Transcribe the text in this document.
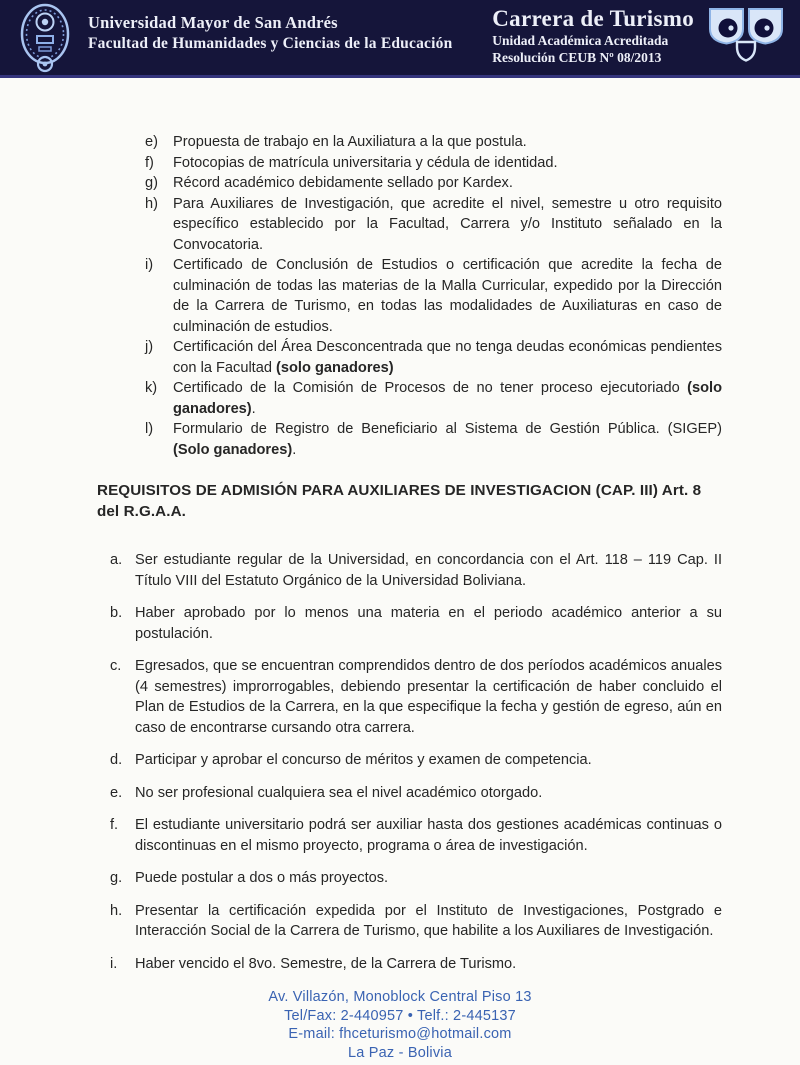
Universidad Mayor de San Andrés
Facultad de Humanidades y Ciencias de la Educación
Carrera de Turismo
Unidad Académica Acreditada
Resolución CEUB Nº 08/2013
e)	Propuesta de trabajo en la Auxiliatura a la que postula.
f)	Fotocopias de matrícula universitaria y cédula de identidad.
g)	Récord académico debidamente sellado por Kardex.
h)	Para Auxiliares de Investigación, que acredite el nivel, semestre u otro requisito específico establecido por la Facultad, Carrera y/o Instituto señalado en la Convocatoria.
i)	Certificado de Conclusión de Estudios o certificación que acredite la fecha de culminación de todas las materias de la Malla Curricular, expedido por la Dirección de la Carrera de Turismo, en todas las modalidades de Auxiliaturas en caso de culminación de estudios.
j)	Certificación del Área Desconcentrada que no tenga deudas económicas pendientes con la Facultad (solo ganadores)
k)	Certificado de la Comisión de Procesos de no tener proceso ejecutoriado (solo ganadores).
l)	Formulario de Registro de Beneficiario al Sistema de Gestión Pública. (SIGEP) (Solo ganadores).
REQUISITOS DE ADMISIÓN PARA AUXILIARES DE INVESTIGACION (CAP. III) Art. 8 del R.G.A.A.
a. Ser estudiante regular de la Universidad, en concordancia con el Art. 118 – 119 Cap. II Título VIII del Estatuto Orgánico de la Universidad Boliviana.
b. Haber aprobado por lo menos una materia en el periodo académico anterior a su postulación.
c. Egresados, que se encuentran comprendidos dentro de dos períodos académicos anuales (4 semestres) improrrogables, debiendo presentar la certificación de haber concluido el Plan de Estudios de la Carrera, en la que especifique la fecha y gestión de egreso, aún en caso de encontrarse cursando otra carrera.
d. Participar y aprobar el concurso de méritos y examen de competencia.
e. No ser profesional cualquiera sea el nivel académico otorgado.
f.	El estudiante universitario podrá ser auxiliar hasta dos gestiones académicas continuas o discontinuas en el mismo proyecto, programa o área de investigación.
g. Puede postular a dos o más proyectos.
h. Presentar la certificación expedida por el Instituto de Investigaciones, Postgrado e Interacción Social de la Carrera de Turismo, que habilite a los Auxiliares de Investigación.
i.	Haber vencido el 8vo. Semestre, de la Carrera de Turismo.
Av. Villazón, Monoblock Central Piso 13
Tel/Fax: 2-440957 • Telf.: 2-445137
E-mail: fhceturismo@hotmail.com
La Paz - Bolivia
